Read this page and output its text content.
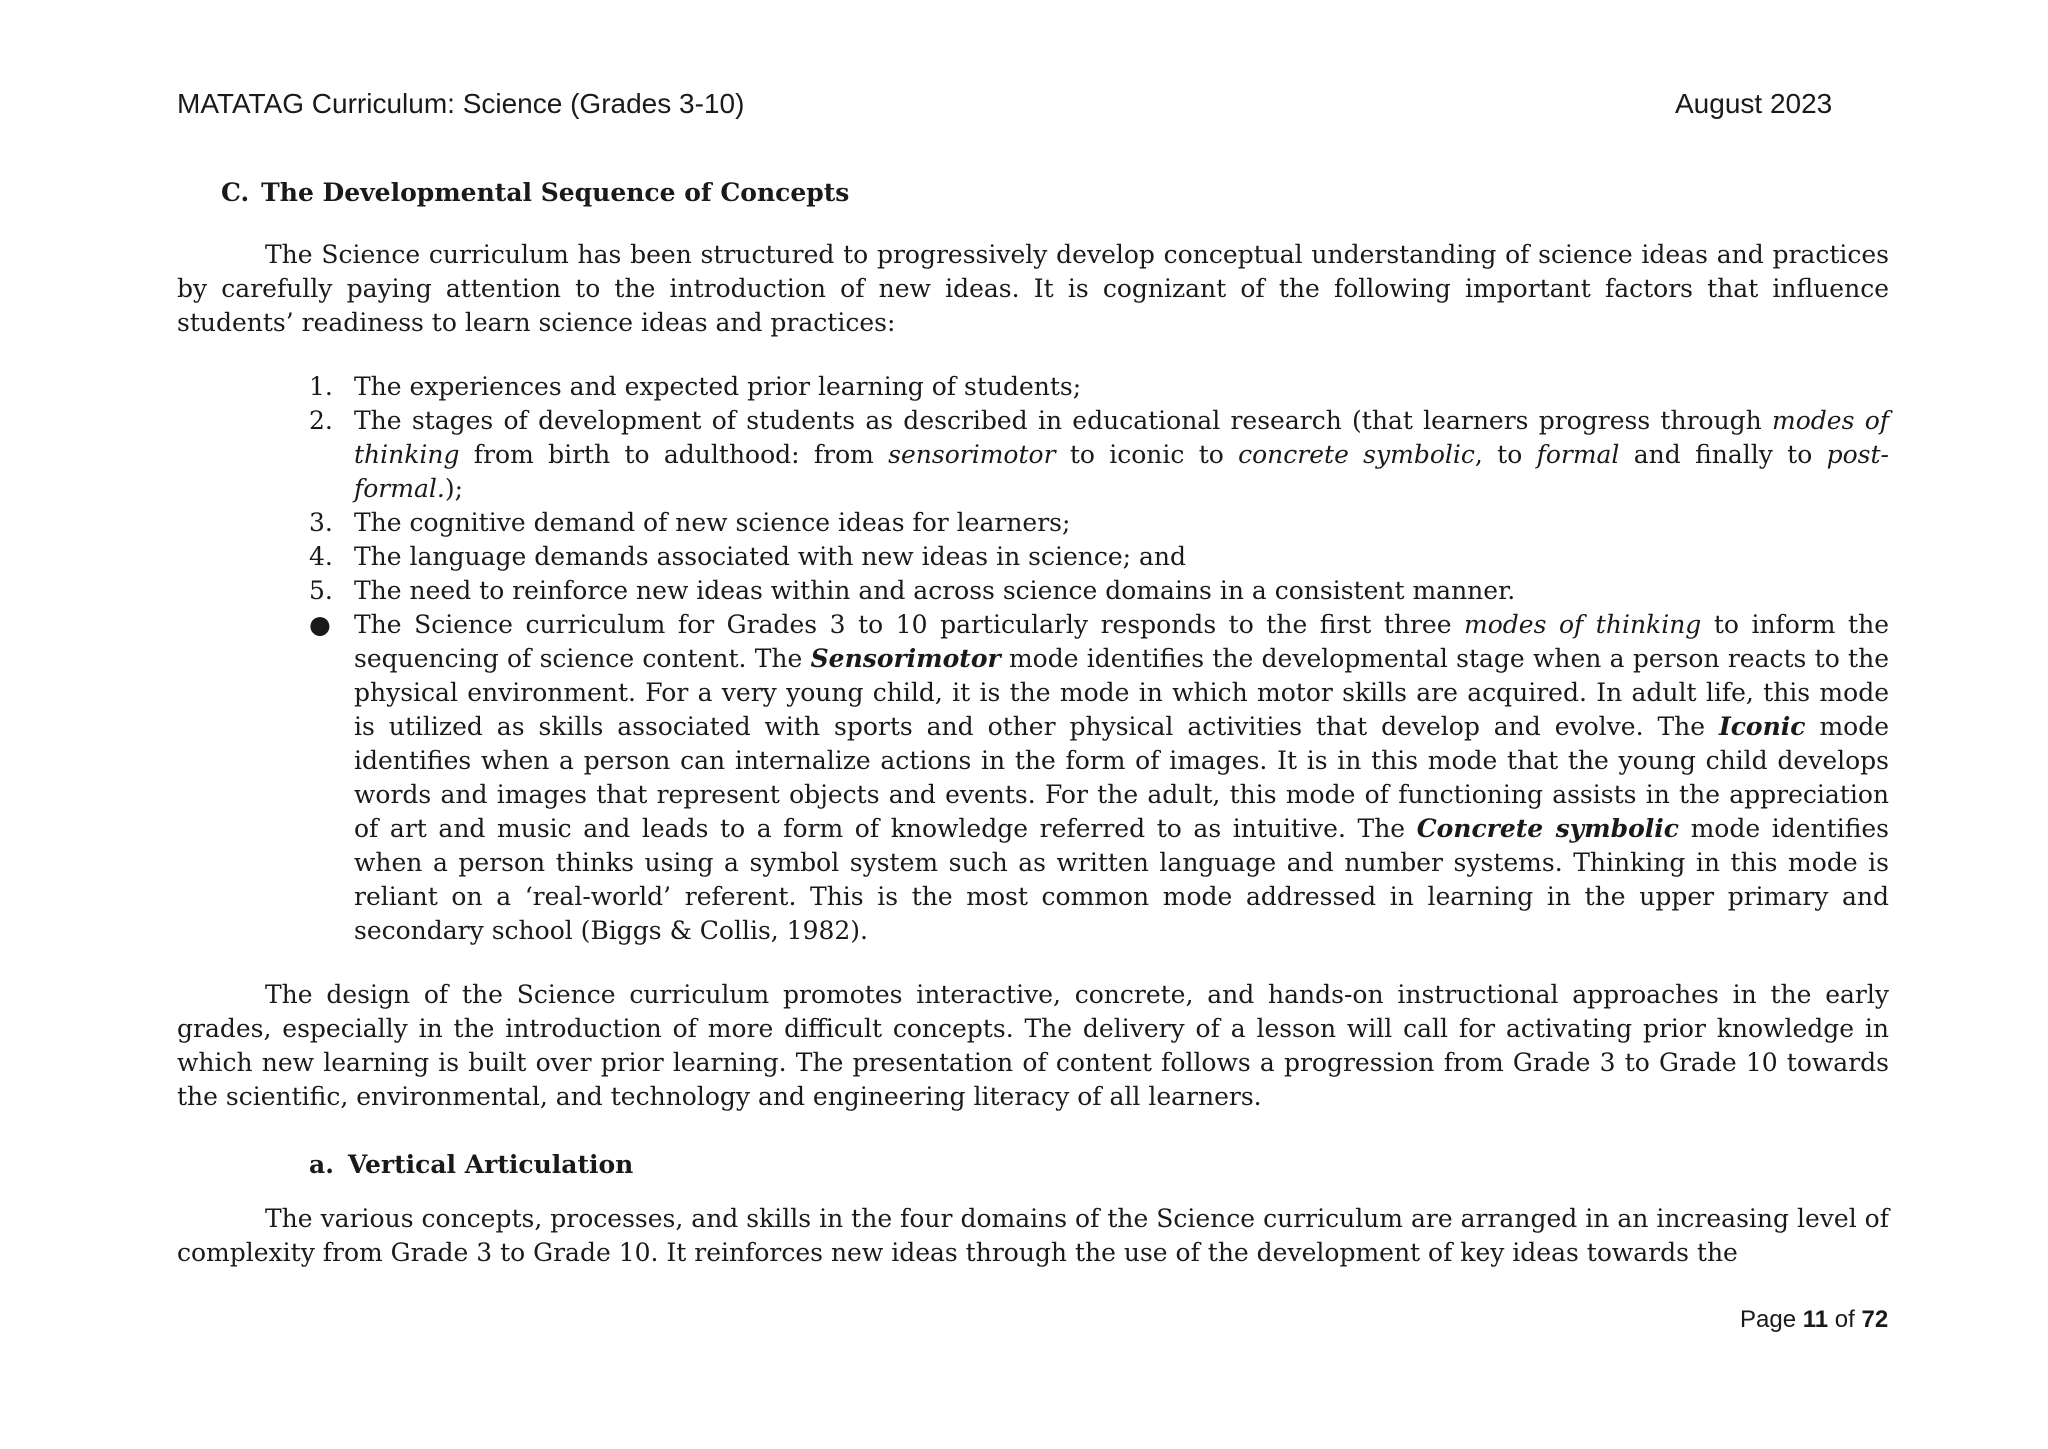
MATATAG Curriculum: Science (Grades 3-10)	August 2023
C. The Developmental Sequence of Concepts

The Science curriculum has been structured to progressively develop conceptual understanding of science ideas and practices by carefully paying attention to the introduction of new ideas. It is cognizant of the following important factors that influence students’ readiness to learn science ideas and practices:

1. The experiences and expected prior learning of students;
2. The stages of development of students as described in educational research (that learners progress through modes of thinking from birth to adulthood: from sensorimotor to iconic to concrete symbolic, to formal and finally to post-formal.);
3. The cognitive demand of new science ideas for learners;
4. The language demands associated with new ideas in science; and
5. The need to reinforce new ideas within and across science domains in a consistent manner.
● The Science curriculum for Grades 3 to 10 particularly responds to the first three modes of thinking to inform the sequencing of science content. The Sensorimotor mode identifies the developmental stage when a person reacts to the physical environment. For a very young child, it is the mode in which motor skills are acquired. In adult life, this mode is utilized as skills associated with sports and other physical activities that develop and evolve. The Iconic mode identifies when a person can internalize actions in the form of images. It is in this mode that the young child develops words and images that represent objects and events. For the adult, this mode of functioning assists in the appreciation of art and music and leads to a form of knowledge referred to as intuitive. The Concrete symbolic mode identifies when a person thinks using a symbol system such as written language and number systems. Thinking in this mode is reliant on a ‘real-world’ referent. This is the most common mode addressed in learning in the upper primary and secondary school (Biggs & Collis, 1982).

The design of the Science curriculum promotes interactive, concrete, and hands-on instructional approaches in the early grades, especially in the introduction of more difficult concepts. The delivery of a lesson will call for activating prior knowledge in which new learning is built over prior learning. The presentation of content follows a progression from Grade 3 to Grade 10 towards the scientific, environmental, and technology and engineering literacy of all learners.

a. Vertical Articulation

The various concepts, processes, and skills in the four domains of the Science curriculum are arranged in an increasing level of complexity from Grade 3 to Grade 10. It reinforces new ideas through the use of the development of key ideas towards the

Page 11 of 72
